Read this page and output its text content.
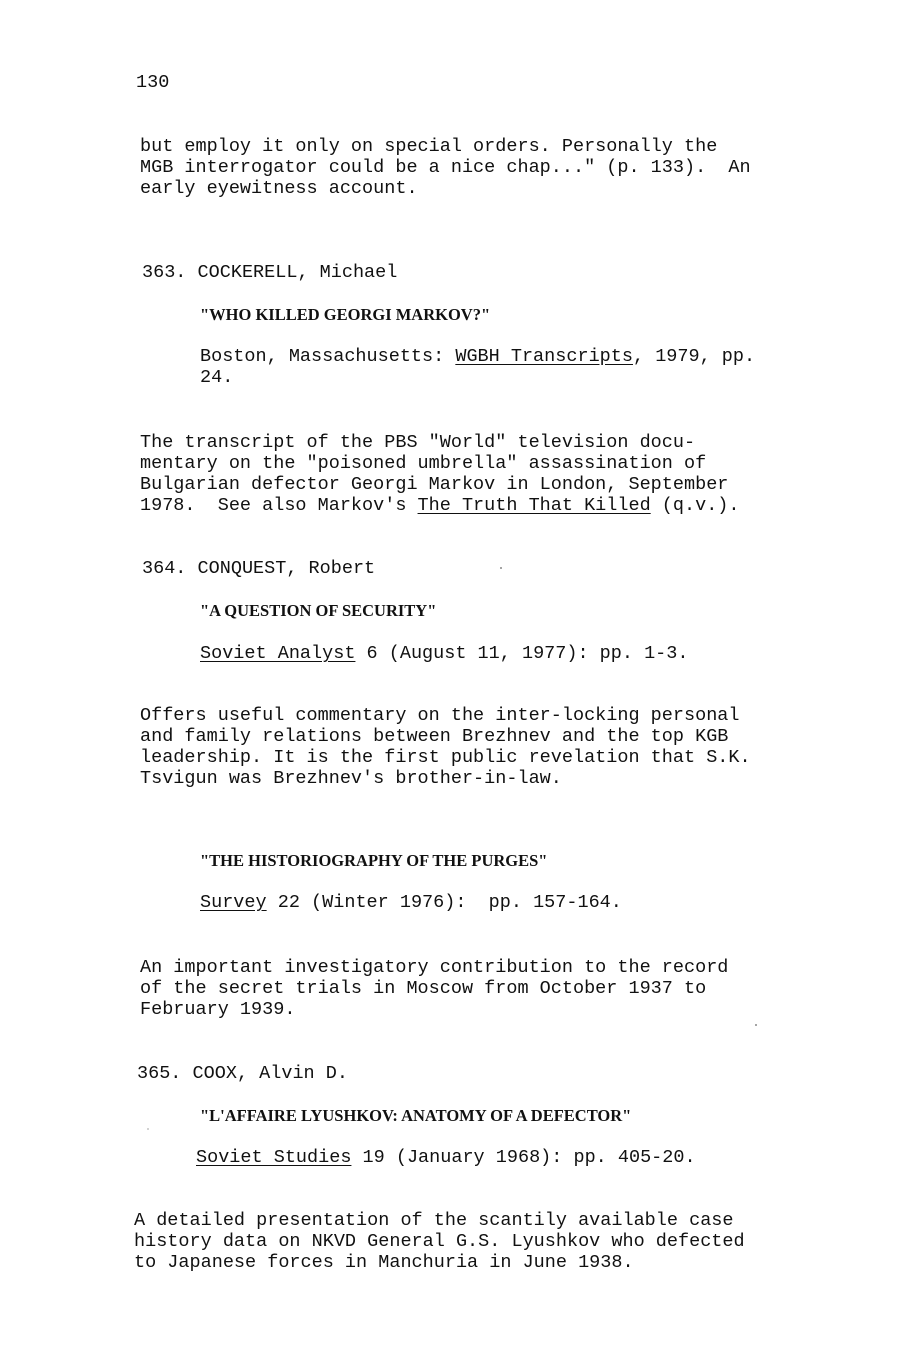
130
but employ it only on special orders. Personally the
MGB interrogator could be a nice chap..." (p. 133).  An
early eyewitness account.
363. COCKERELL, Michael
"WHO KILLED GEORGI MARKOV?"
Boston, Massachusetts: WGBH Transcripts, 1979, pp.
24.
The transcript of the PBS "World" television docu-
mentary on the "poisoned umbrella" assassination of
Bulgarian defector Georgi Markov in London, September
1978.  See also Markov's The Truth That Killed (q.v.).
364. CONQUEST, Robert
"A QUESTION OF SECURITY"
Soviet Analyst 6 (August 11, 1977): pp. 1-3.
Offers useful commentary on the inter-locking personal
and family relations between Brezhnev and the top KGB
leadership. It is the first public revelation that S.K.
Tsvigun was Brezhnev's brother-in-law.
"THE HISTORIOGRAPHY OF THE PURGES"
Survey 22 (Winter 1976):  pp. 157-164.
An important investigatory contribution to the record
of the secret trials in Moscow from October 1937 to
February 1939.
365. COOX, Alvin D.
"L'AFFAIRE LYUSHKOV: ANATOMY OF A DEFECTOR"
Soviet Studies 19 (January 1968): pp. 405-20.
A detailed presentation of the scantily available case
history data on NKVD General G.S. Lyushkov who defected
to Japanese forces in Manchuria in June 1938.
